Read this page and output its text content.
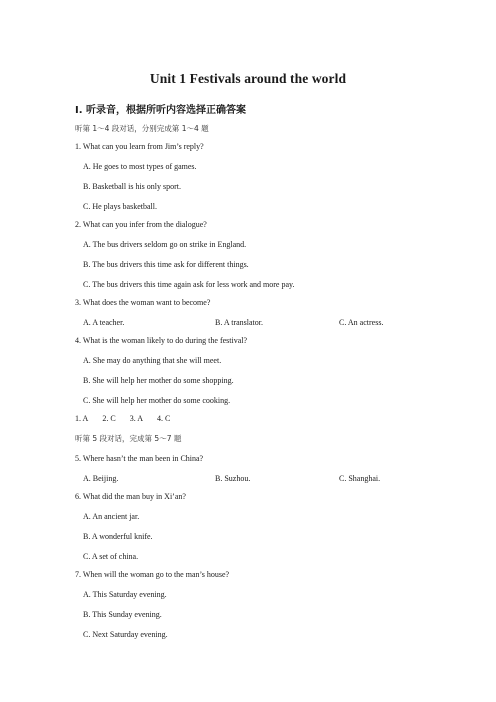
Unit 1 Festivals around the world
Ⅰ. 听录音，根据所听内容选择正确答案
听第 1～4 段对话，分别完成第 1～4 题
1. What can you learn from Jim’s reply?
A. He goes to most types of games.
B. Basketball is his only sport.
C. He plays basketball.
2. What can you infer from the dialogue?
A. The bus drivers seldom go on strike in England.
B. The bus drivers this time ask for different things.
C. The bus drivers this time again ask for less work and more pay.
3. What does the woman want to become?
A. A teacher.	B. A translator.	C. An actress.
4. What is the woman likely to do during the festival?
A. She may do anything that she will meet.
B. She will help her mother do some shopping.
C. She will help her mother do some cooking.
1. A 2. C 3. A 4. C
听第 5 段对话，完成第 5～7 题
5. Where hasn’t the man been in China?
A. Beijing.	B. Suzhou.	C. Shanghai.
6. What did the man buy in Xi’an?
A. An ancient jar.
B. A wonderful knife.
C. A set of china.
7. When will the woman go to the man’s house?
A. This Saturday evening.
B. This Sunday evening.
C. Next Saturday evening.
